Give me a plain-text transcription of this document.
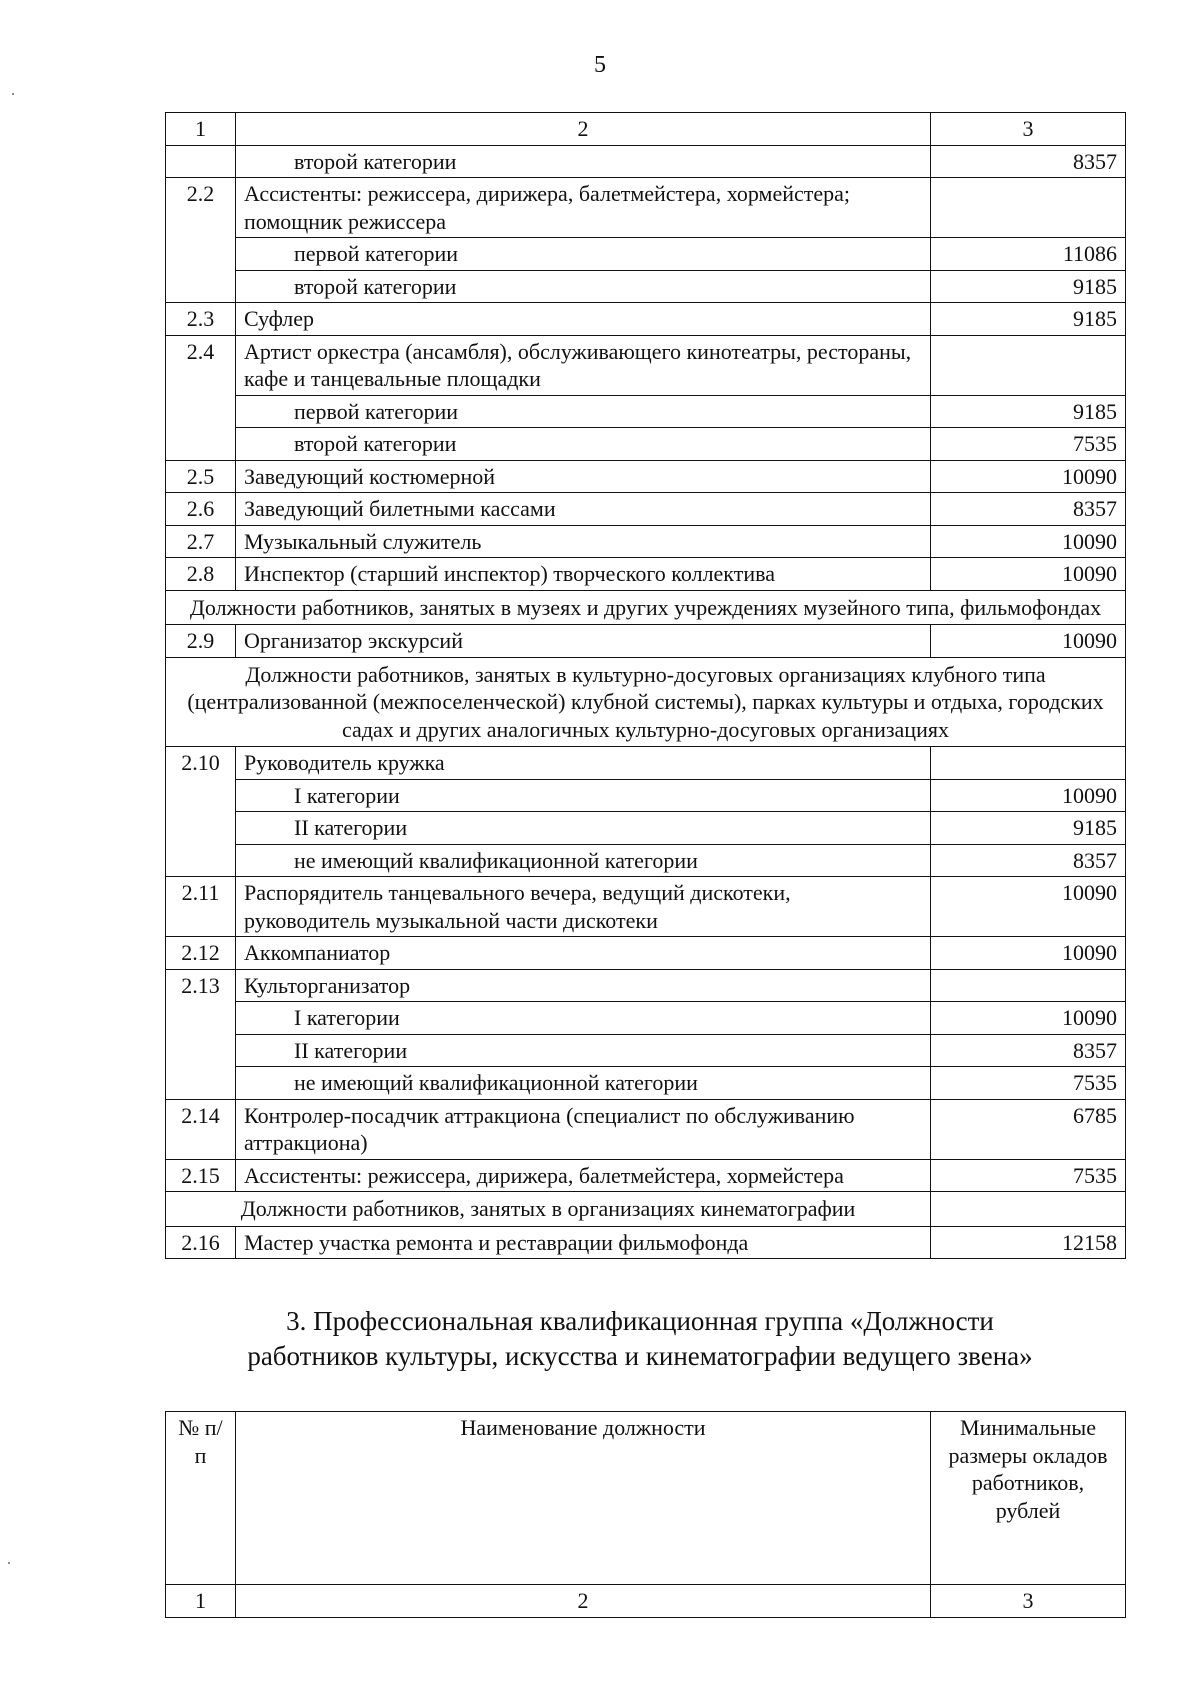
5
1	2	3
	второй категории	8357
2.2	Ассистенты: режиссера, дирижера, балетмейстера, хормейстера; помощник режиссера	
	первой категории	11086
	второй категории	9185
2.3	Суфлер	9185
2.4	Артист оркестра (ансамбля), обслуживающего кинотеатры, рестораны, кафе и танцевальные площадки	
	первой категории	9185
	второй категории	7535
2.5	Заведующий костюмерной	10090
2.6	Заведующий билетными кассами	8357
2.7	Музыкальный служитель	10090
2.8	Инспектор (старший инспектор) творческого коллектива	10090
Должности работников, занятых в музеях и других учреждениях музейного типа, фильмофондах		
2.9	Организатор экскурсий	10090
Должности работников, занятых в культурно-досуговых организациях клубного типа (централизованной (межпоселенческой) клубной системы), парках культуры и отдыха, городских садах и других аналогичных культурно-досуговых организациях		
2.10	Руководитель кружка	
	I категории	10090
	II категории	9185
	не имеющий квалификационной категории	8357
2.11	Распорядитель танцевального вечера, ведущий дискотеки, руководитель музыкальной части дискотеки	10090
2.12	Аккомпаниатор	10090
2.13	Культорганизатор	
	I категории	10090
	II категории	8357
	не имеющий квалификационной категории	7535
2.14	Контролер-посадчик аттракциона (специалист по обслуживанию аттракциона)	6785
2.15	Ассистенты: режиссера, дирижера, балетмейстера, хормейстера	7535
Должности работников, занятых в организациях кинематографии		
2.16	Мастер участка ремонта и реставрации фильмофонда	12158
3. Профессиональная квалификационная группа «Должности работников культуры, искусства и кинематографии ведущего звена»
№ п/п	Наименование должности	Минимальные размеры окладов работников, рублей
1	2	3
